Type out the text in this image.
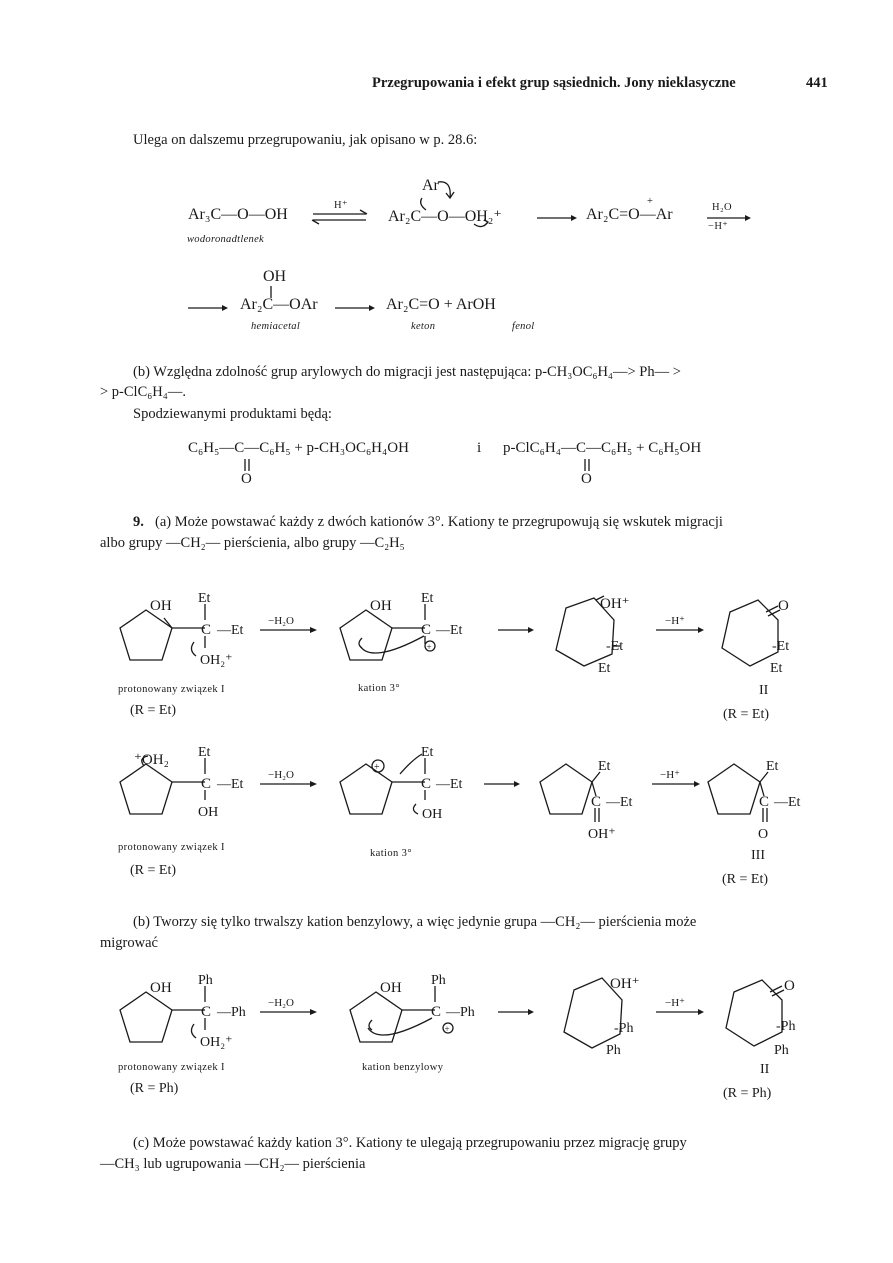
Przegrupowania i efekt grup sąsiednich. Jony nieklasyczne	441
Ulega on dalszemu przegrupowaniu, jak opisano w p. 28.6:
Ar₃C—O—OH
wodoronadtlenek
H⁺
Ar
Ar₂C—O—OH₂⁺
+
Ar₂C=O—Ar	H₂O
−H⁺
OH
Ar₂C—OAr
hemiacetal
Ar₂C=O + ArOH
keton	fenol
(b) Względna zdolność grup arylowych do migracji jest następująca: p-CH₃OC₆H₄—> Ph— >
> p-ClC₆H₄—.
Spodziewanymi produktami będą:
C₆H₅—C—C₆H₅ + p-CH₃OC₆H₄OH	i p-ClC₆H₄—C—C₆H₅ + C₆H₅OH
O	O
9. (a) Może powstawać każdy z dwóch kationów 3°. Kationy te przegrupowują się wskutek migracji
albo grupy —CH₂— pierścienia, albo grupy —C₂H₅
OH Et
C —Et
OH₂⁺
−H₂O
OH Et
C —Et
+
OH⁺
-Et
Et
−H⁺
O
-Et
Et
protonowany związek I
(R = Et)
kation 3°	II
(R = Et)
⁺OH₂ Et
C —Et
OH
−H₂O
+
Et
C —Et
OH
Et
C —Et
OH⁺
−H⁺
Et
C —Et
O
protonowany związek I
(R = Et)
kation 3°	III
(R = Et)
(b) Tworzy się tylko trwalszy kation benzylowy, a więc jedynie grupa —CH₂— pierścienia może
migrować
OH Ph
C —Ph
OH₂⁺
−H₂O
OH Ph
C —Ph
+
OH⁺
-Ph
Ph
−H⁺
O
-Ph
Ph
protonowany związek I
(R = Ph)
kation benzylowy	II
(R = Ph)
(c) Może powstawać każdy kation 3°. Kationy te ulegają przegrupowaniu przez migrację grupy
—CH₃ lub ugrupowania —CH₂— pierścienia
